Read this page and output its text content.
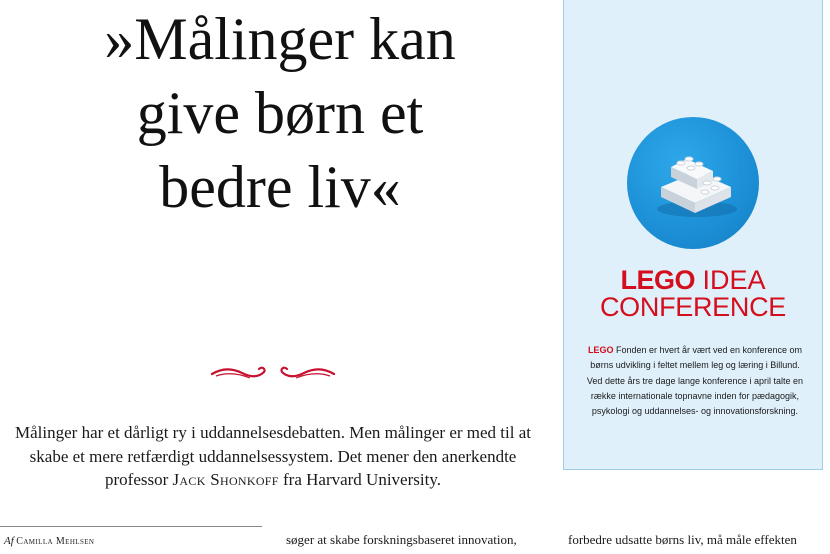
»Målinger kan
give børn et
bedre liv«

Målinger har et dårligt ry i uddannelsesdebatten. Men målinger er med til at skabe et mere retfærdigt uddannelsessystem. Det mener den anerkendte professor Jack Shonkoff fra Harvard University.

Af Camilla Mehlsen	søger at skabe forskningsbaseret innovation,	forbedre udsatte børns liv, må måle effekten
LEGO IDEA
CONFERENCE
LEGO Fonden er hvert år vært ved en konference om børns udvikling i feltet mellem leg og læring i Billund. Ved dette års tre dage lange konference i april talte en række internationale topnavne inden for pædagogik, psykologi og uddannelses- og innovationsforskning.
